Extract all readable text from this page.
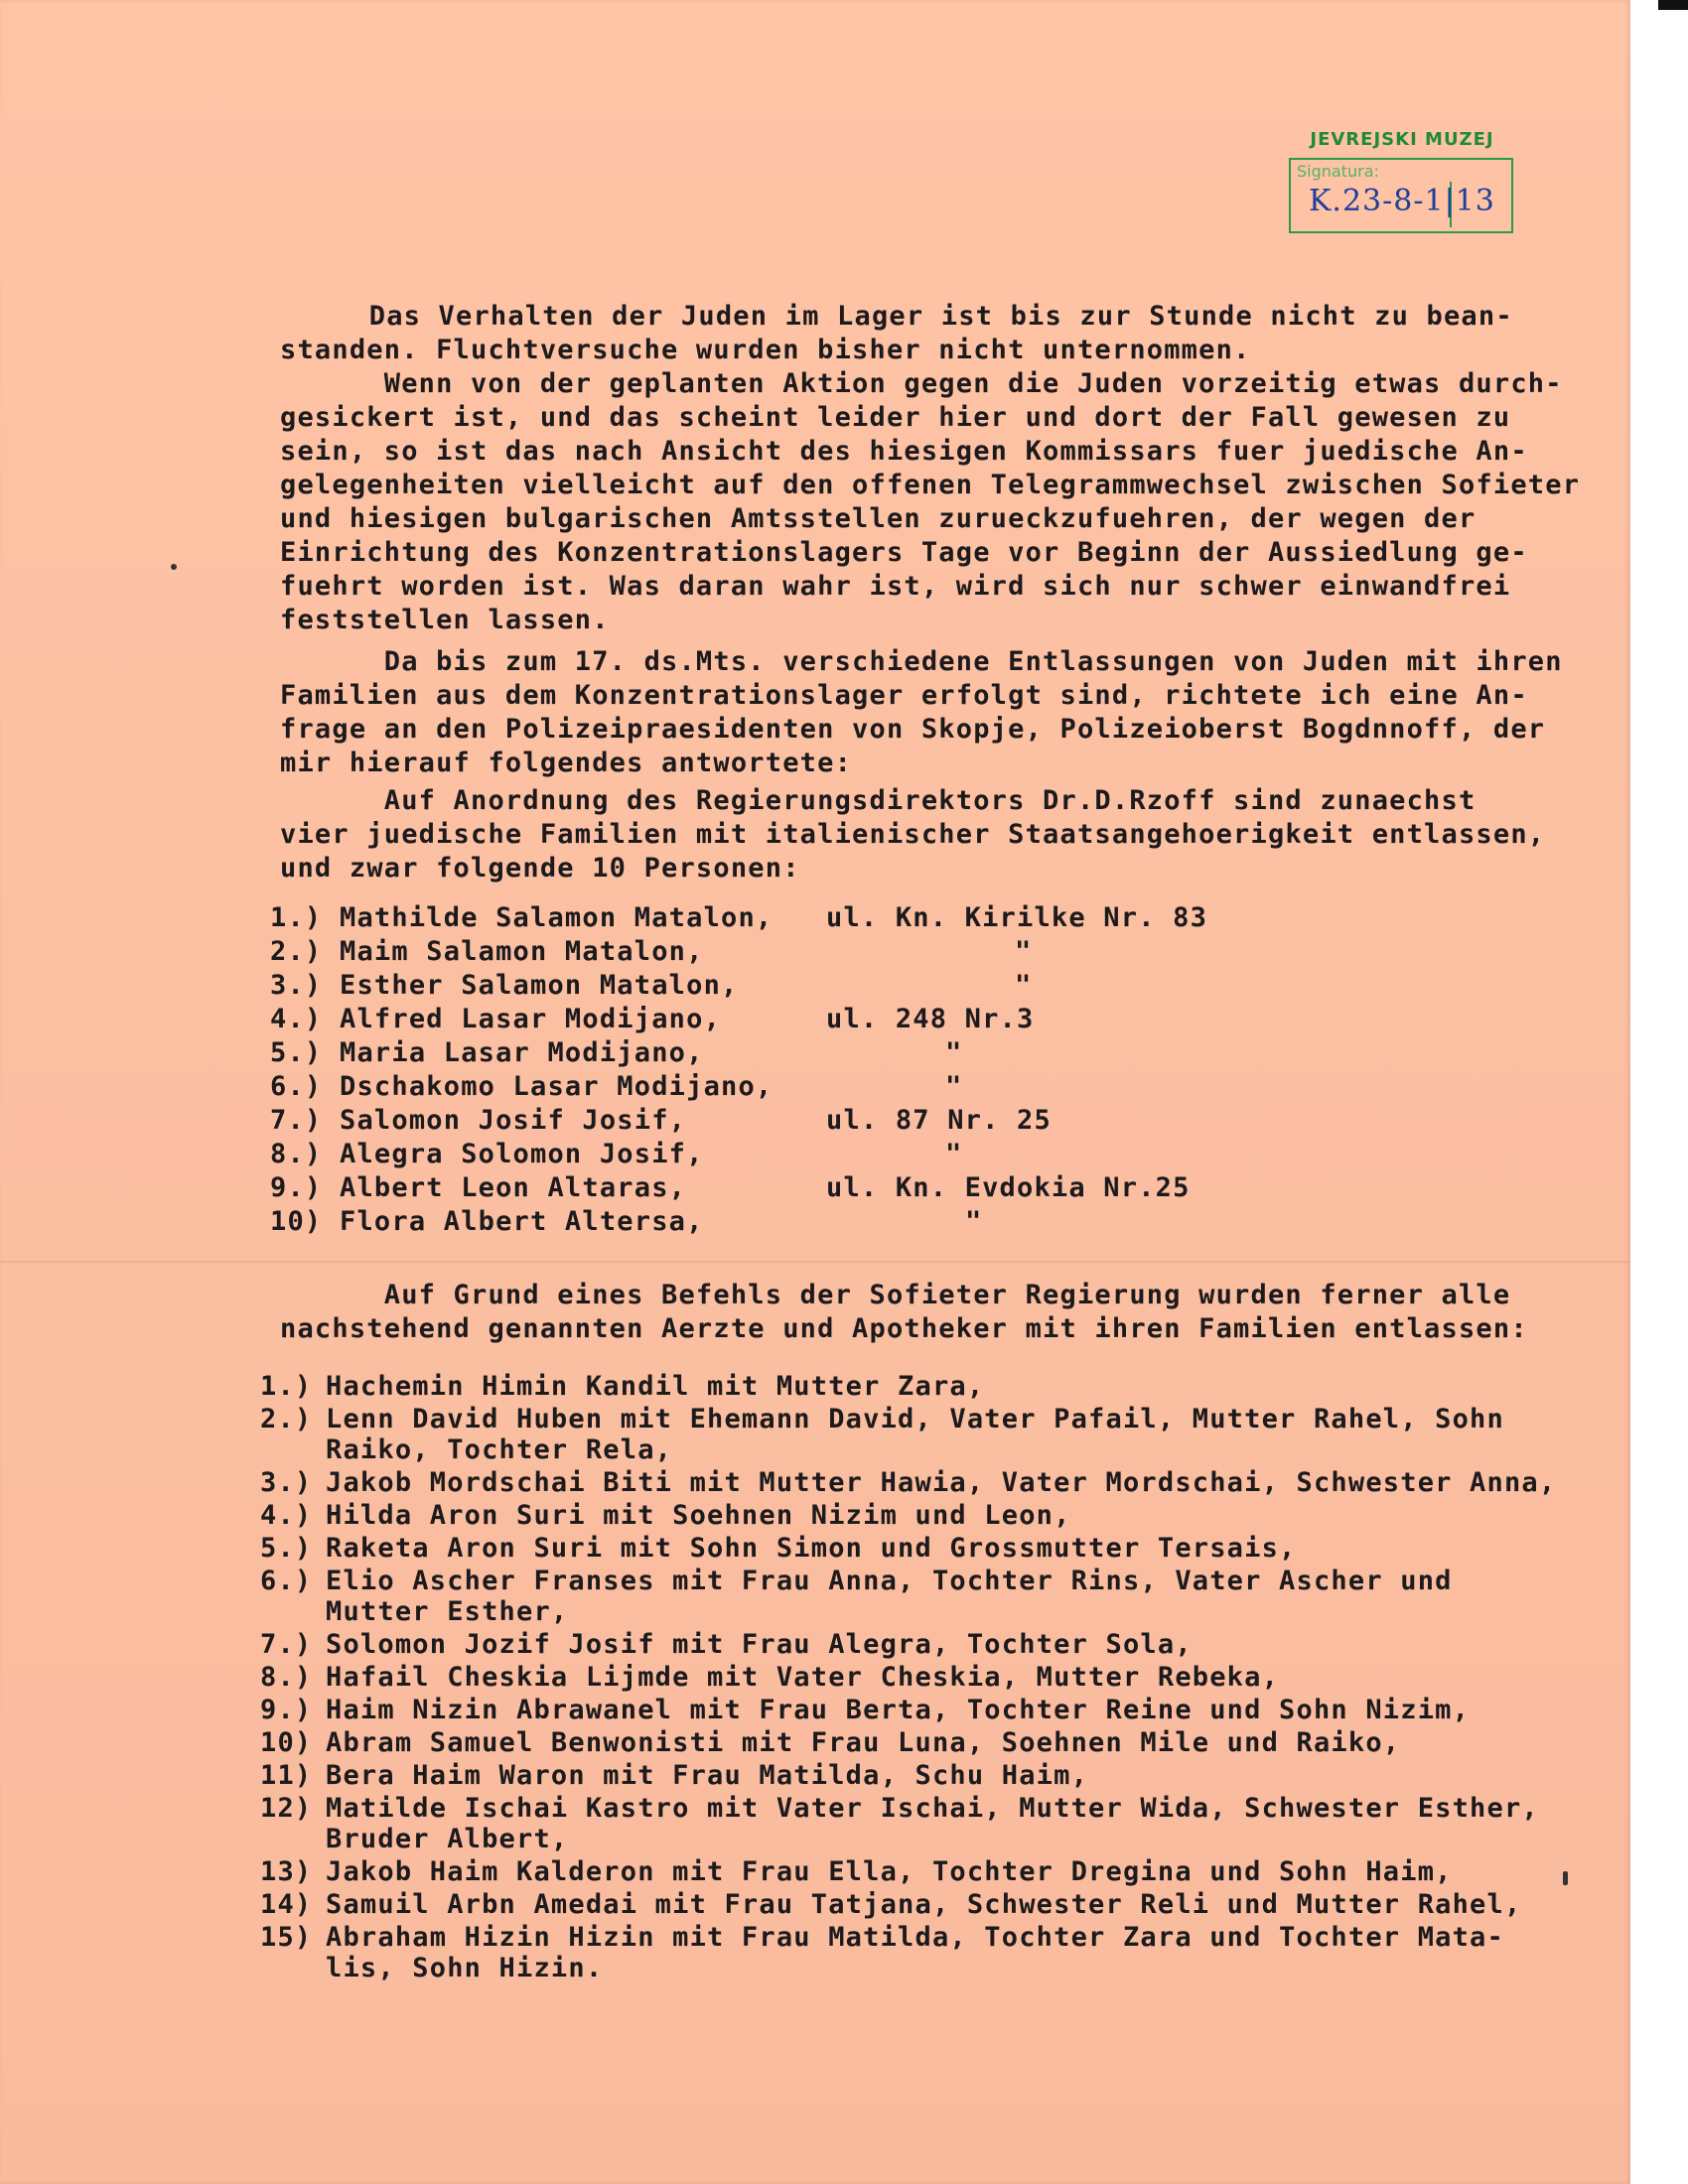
JEVREJSKI MUZEJ
Signatura:
K.23-8-1|13
Das Verhalten der Juden im Lager ist bis zur Stunde nicht zu bean-
standen. Fluchtversuche wurden bisher nicht unternommen.
Wenn von der geplanten Aktion gegen die Juden vorzeitig etwas durch-
gesickert ist, und das scheint leider hier und dort der Fall gewesen zu
sein, so ist das nach Ansicht des hiesigen Kommissars fuer juedische An-
gelegenheiten vielleicht auf den offenen Telegrammwechsel zwischen Sofieter
und hiesigen bulgarischen Amtsstellen zurueckzufuehren, der wegen der
Einrichtung des Konzentrationslagers Tage vor Beginn der Aussiedlung ge-
fuehrt worden ist. Was daran wahr ist, wird sich nur schwer einwandfrei
feststellen lassen.
Da bis zum 17. ds.Mts. verschiedene Entlassungen von Juden mit ihren
Familien aus dem Konzentrationslager erfolgt sind, richtete ich eine An-
frage an den Polizeipraesidenten von Skopje, Polizeioberst Bogdnnoff, der
mir hierauf folgendes antwortete:
Auf Anordnung des Regierungsdirektors Dr.D.Rzoff sind zunaechst
vier juedische Familien mit italienischer Staatsangehoerigkeit entlassen,
und zwar folgende 10 Personen:
1.) Mathilde Salamon Matalon, ul. Kn. Kirilke Nr. 83
2.) Maim Salamon Matalon,	"
3.) Esther Salamon Matalon,	"
4.) Alfred Lasar Modijano,	ul. 248 Nr.3
5.) Maria Lasar Modijano,	"
6.) Dschakomo Lasar Modijano,	"
7.) Salomon Josif Josif,	ul. 87 Nr. 25
8.) Alegra Solomon Josif,	"
9.) Albert Leon Altaras,	ul. Kn. Evdokia Nr.25
10) Flora Albert Altersa,	"
Auf Grund eines Befehls der Sofieter Regierung wurden ferner alle
nachstehend genannten Aerzte und Apotheker mit ihren Familien entlassen:
1.) Hachemin Himin Kandil mit Mutter Zara,
2.) Lenn David Huben mit Ehemann David, Vater Pafail, Mutter Rahel, Sohn
Raiko, Tochter Rela,
3.) Jakob Mordschai Biti mit Mutter Hawia, Vater Mordschai, Schwester Anna,
4.) Hilda Aron Suri mit Soehnen Nizim und Leon,
5.) Raketa Aron Suri mit Sohn Simon und Grossmutter Tersais,
6.) Elio Ascher Franses mit Frau Anna, Tochter Rins, Vater Ascher und
Mutter Esther,
7.) Solomon Jozif Josif mit Frau Alegra, Tochter Sola,
8.) Hafail Cheskia Lijmde mit Vater Cheskia, Mutter Rebeka,
9.) Haim Nizin Abrawanel mit Frau Berta, Tochter Reine und Sohn Nizim,
10) Abram Samuel Benwonisti mit Frau Luna, Soehnen Mile und Raiko,
11) Bera Haim Waron mit Frau Matilda, Schu Haim,
12) Matilde Ischai Kastro mit Vater Ischai, Mutter Wida, Schwester Esther,
Bruder Albert,
13) Jakob Haim Kalderon mit Frau Ella, Tochter Dregina und Sohn Haim,
14) Samuil Arbn Amedai mit Frau Tatjana, Schwester Reli und Mutter Rahel,
15) Abraham Hizin Hizin mit Frau Matilda, Tochter Zara und Tochter Mata-
lis, Sohn Hizin.
